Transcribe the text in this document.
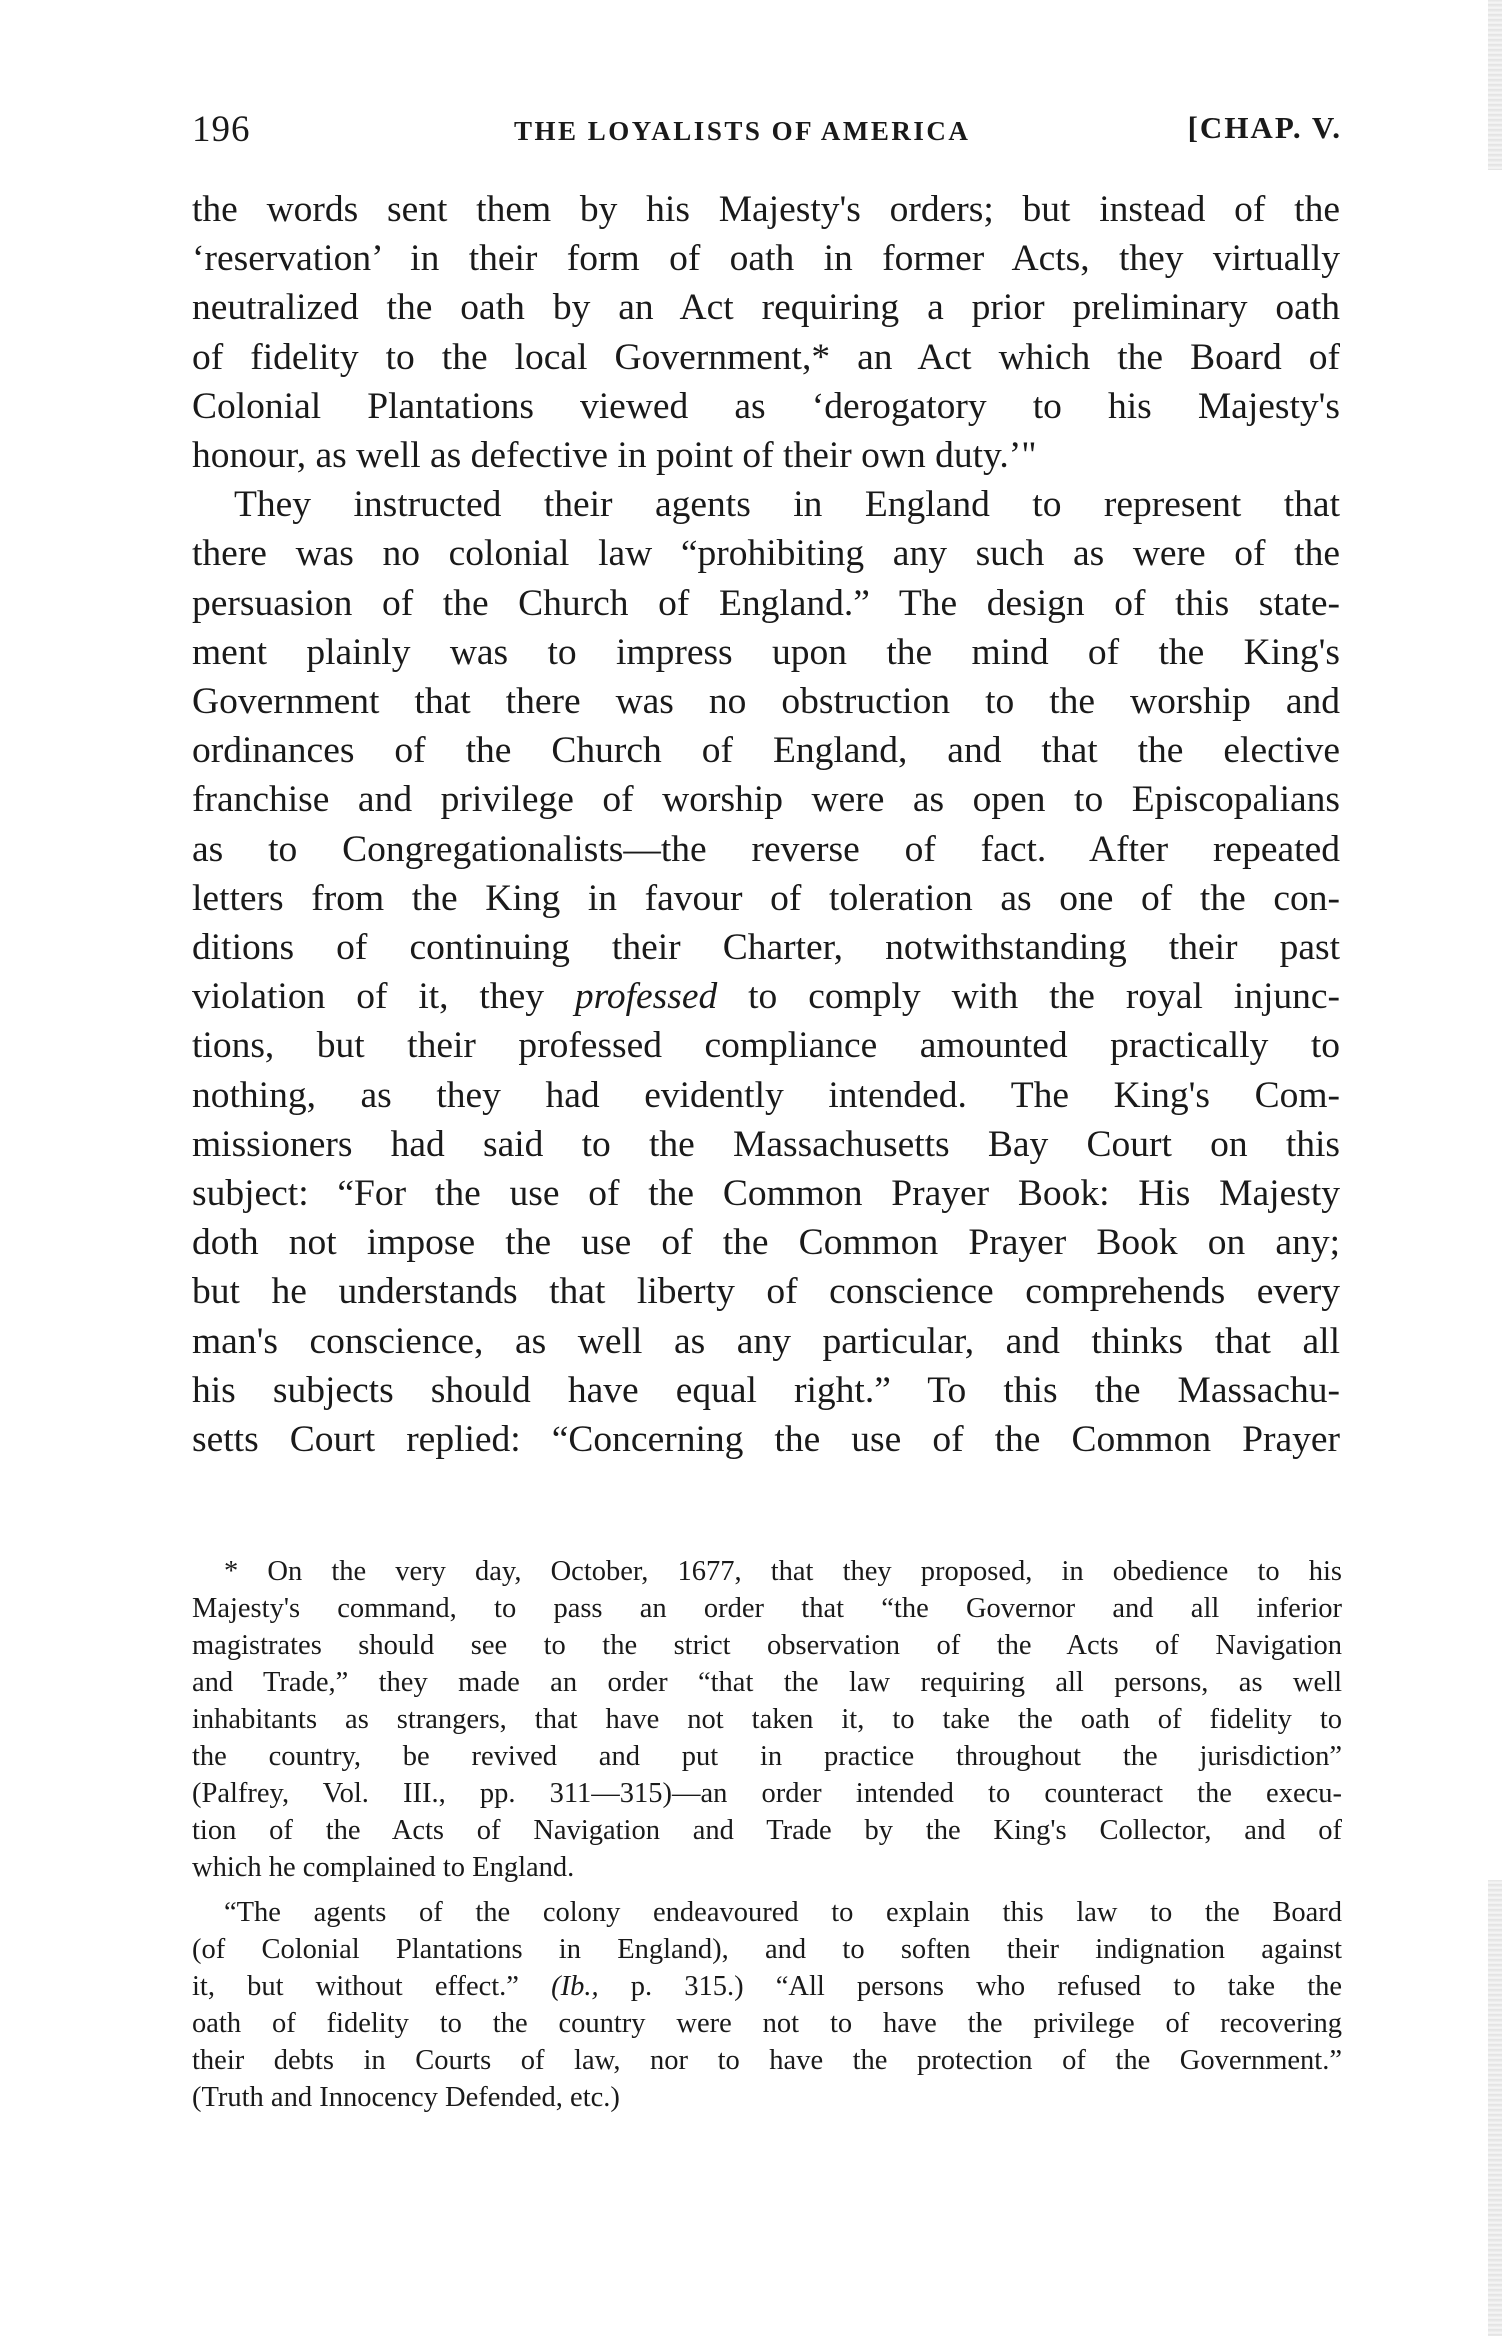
196	THE LOYALISTS OF AMERICA	[CHAP. V.
the words sent them by his Majesty's orders; but instead of the
‘reservation’ in their form of oath in former Acts, they virtually
neutralized the oath by an Act requiring a prior preliminary oath
of fidelity to the local Government,* an Act which the Board of
Colonial Plantations viewed as ‘derogatory to his Majesty's
honour, as well as defective in point of their own duty.’"
They instructed their agents in England to represent that
there was no colonial law “prohibiting any such as were of the
persuasion of the Church of England.” The design of this state-
ment plainly was to impress upon the mind of the King's
Government that there was no obstruction to the worship and
ordinances of the Church of England, and that the elective
franchise and privilege of worship were as open to Episcopalians
as to Congregationalists—the reverse of fact. After repeated
letters from the King in favour of toleration as one of the con-
ditions of continuing their Charter, notwithstanding their past
violation of it, they professed to comply with the royal injunc-
tions, but their professed compliance amounted practically to
nothing, as they had evidently intended. The King's Com-
missioners had said to the Massachusetts Bay Court on this
subject: “For the use of the Common Prayer Book: His Majesty
doth not impose the use of the Common Prayer Book on any;
but he understands that liberty of conscience comprehends every
man's conscience, as well as any particular, and thinks that all
his subjects should have equal right.” To this the Massachu-
setts Court replied: “Concerning the use of the Common Prayer
* On the very day, October, 1677, that they proposed, in obedience to his
Majesty's command, to pass an order that “the Governor and all inferior
magistrates should see to the strict observation of the Acts of Navigation
and Trade,” they made an order “that the law requiring all persons, as well
inhabitants as strangers, that have not taken it, to take the oath of fidelity to
the country, be revived and put in practice throughout the jurisdiction”
(Palfrey, Vol. III., pp. 311—315)—an order intended to counteract the execu-
tion of the Acts of Navigation and Trade by the King's Collector, and of
which he complained to England.
“The agents of the colony endeavoured to explain this law to the Board
(of Colonial Plantations in England), and to soften their indignation against
it, but without effect.” (Ib., p. 315.) “All persons who refused to take the
oath of fidelity to the country were not to have the privilege of recovering
their debts in Courts of law, nor to have the protection of the Government.”
(Truth and Innocency Defended, etc.)
